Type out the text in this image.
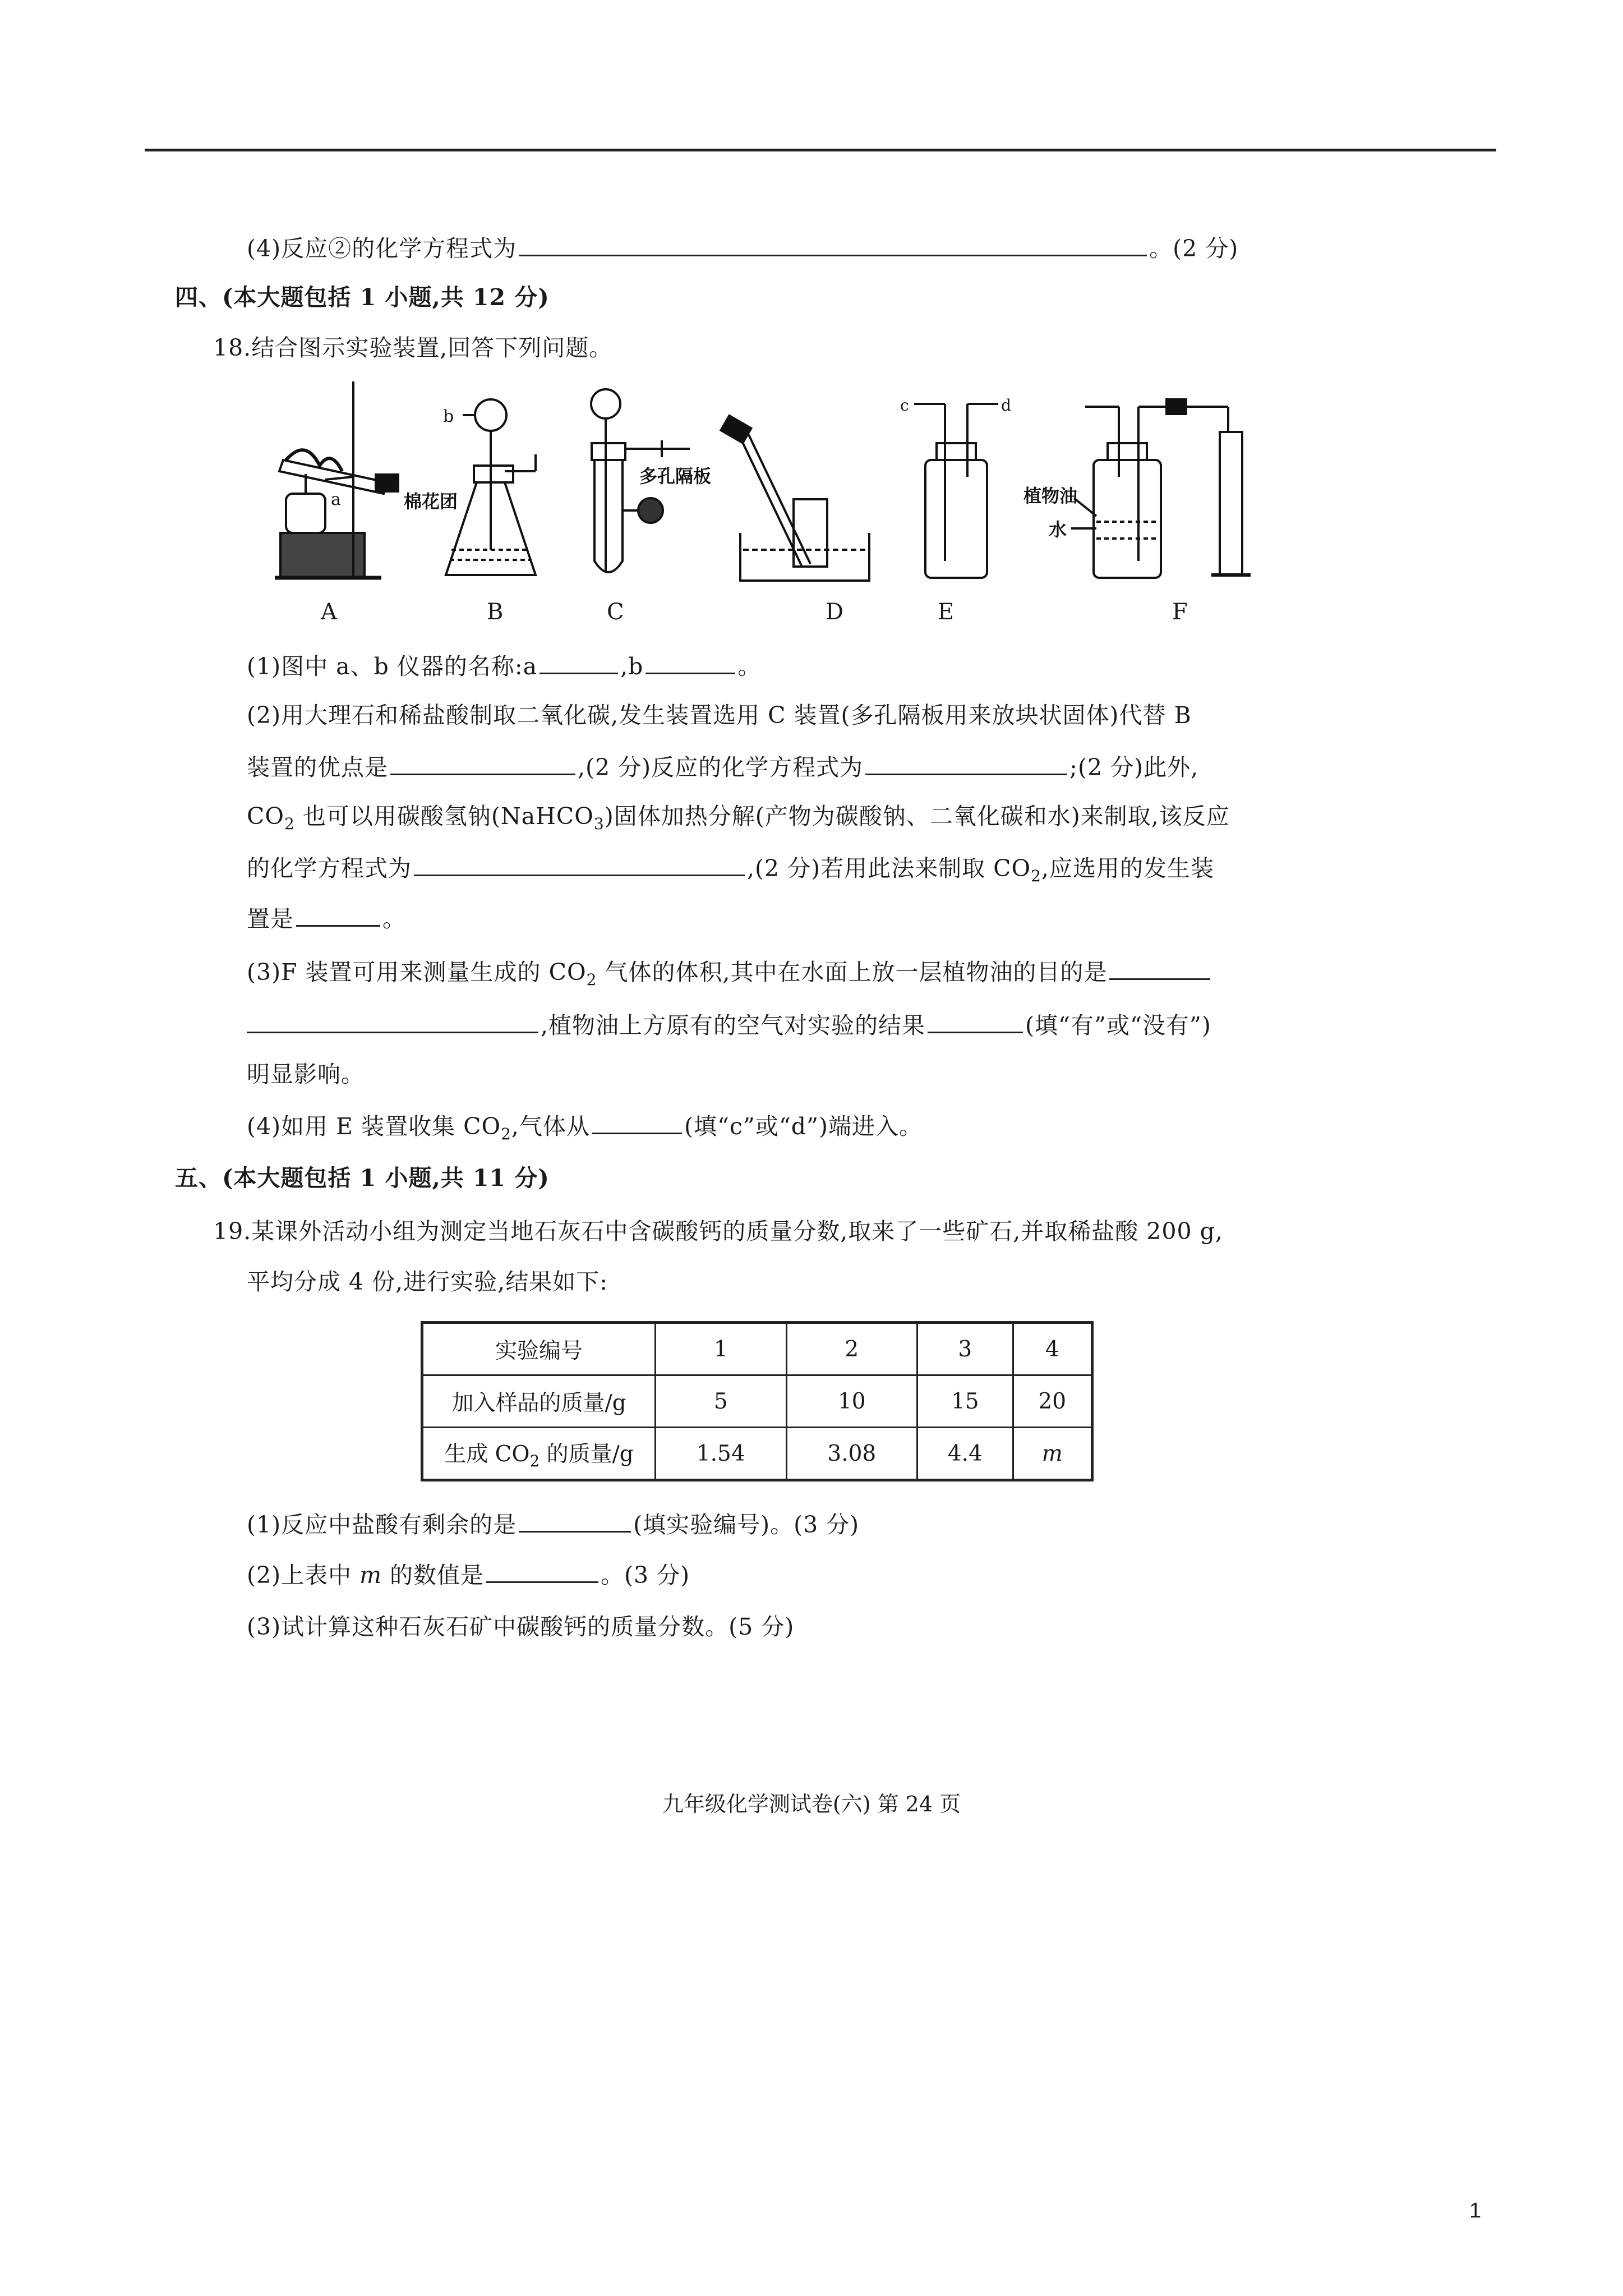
(4)反应②的化学方程式为	。(2 分)
四、(本大题包括 1 小题,共 12 分)
18.结合图示实验装置,回答下列问题。
a	棉花团
b
多孔隔板
c	d
植物油
水
A	B	C	D	E	F
(1)图中 a、b 仪器的名称:a	,b	。
(2)用大理石和稀盐酸制取二氧化碳,发生装置选用 C 装置(多孔隔板用来放块状固体)代替 B
装置的优点是	,(2 分)反应的化学方程式为	;(2 分)此外,
$CO_2$ 也可以用碳酸氢钠(NaHCO$_3$)固体加热分解(产物为碳酸钠、二氧化碳和水)来制取,该反应
的化学方程式为	,(2 分)若用此法来制取 $CO_2$,应选用的发生装
置是	。
(3)F 装置可用来测量生成的 $CO_2$ 气体的体积,其中在水面上放一层植物油的目的是
,植物油上方原有的空气对实验的结果	(填“有”或“没有”)
明显影响。
(4)如用 E 装置收集 $CO_2$,气体从	(填“c”或“d”)端进入。
五、(本大题包括 1 小题,共 11 分)
19.某课外活动小组为测定当地石灰石中含碳酸钙的质量分数,取来了一些矿石,并取稀盐酸 200 g,
平均分成 4 份,进行实验,结果如下:
实验编号	1	2	3	4
加入样品的质量/g	5	10	15	20
生成 $CO_2$ 的质量/g	1.54	3.08	4.4	m
(1)反应中盐酸有剩余的是	(填实验编号)。(3 分)
(2)上表中 m 的数值是	。(3 分)
(3)试计算这种石灰石矿中碳酸钙的质量分数。(5 分)
九年级化学测试卷(六) 第 24 页
1
